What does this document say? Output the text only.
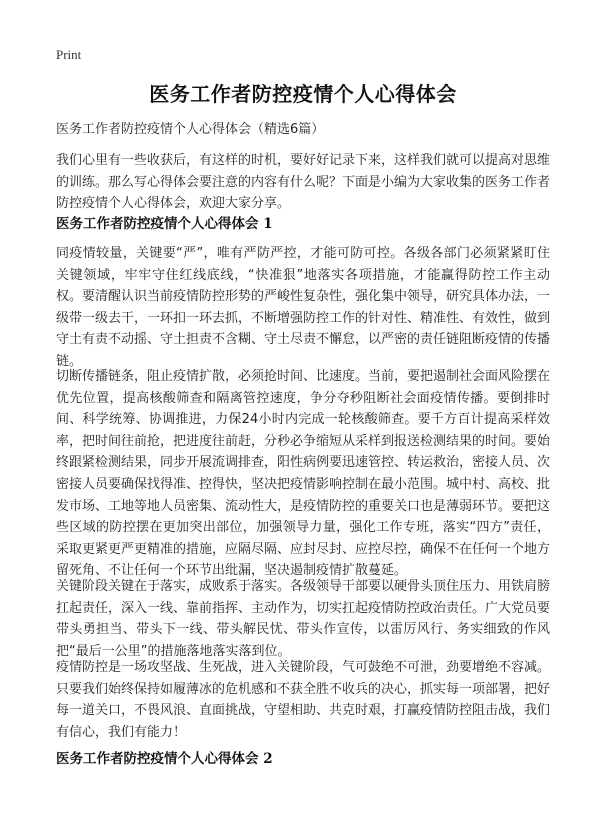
Print
医务工作者防控疫情个人心得体会
医务工作者防控疫情个人心得体会（精选6篇）
我们心里有一些收获后，有这样的时机，要好好记录下来，这样我们就可以提高对思维的训练。那么写心得体会要注意的内容有什么呢？下面是小编为大家收集的医务工作者防控疫情个人心得体会，欢迎大家分享。
医务工作者防控疫情个人心得体会 1
同疫情较量，关键要“严”，唯有严防严控，才能可防可控。各级各部门必须紧紧盯住关键领域，牢牢守住红线底线，“快准狠”地落实各项措施，才能赢得防控工作主动权。要清醒认识当前疫情防控形势的严峻性复杂性，强化集中领导，研究具体办法，一级带一级去干，一环扣一环去抓，不断增强防控工作的针对性、精准性、有效性，做到守土有责不动摇、守土担责不含糊、守土尽责不懈怠，以严密的责任链阻断疫情的传播链。
切断传播链条，阻止疫情扩散，必须抢时间、比速度。当前，要把遏制社会面风险摆在优先位置，提高核酸筛查和隔离管控速度，争分夺秒阻断社会面疫情传播。要倒排时间、科学统筹、协调推进，力保24小时内完成一轮核酸筛查。要千方百计提高采样效率，把时间往前抢，把进度往前赶，分秒必争缩短从采样到报送检测结果的时间。要始终跟紧检测结果，同步开展流调排查，阳性病例要迅速管控、转运救治，密接人员、次密接人员要确保找得准、控得快，坚决把疫情影响控制在最小范围。城中村、高校、批发市场、工地等地人员密集、流动性大，是疫情防控的重要关口也是薄弱环节。要把这些区域的防控摆在更加突出部位，加强领导力量，强化工作专班，落实“四方”责任，采取更紧更严更精准的措施，应隔尽隔、应封尽封、应控尽控，确保不在任何一个地方留死角、不让任何一个环节出纰漏，坚决遏制疫情扩散蔓延。
关键阶段关键在于落实，成败系于落实。各级领导干部要以硬骨头顶住压力、用铁肩膀扛起责任，深入一线、靠前指挥、主动作为，切实扛起疫情防控政治责任。广大党员要带头勇担当、带头下一线、带头解民忧、带头作宣传，以雷厉风行、务实细致的作风把“最后一公里”的措施落地落实落到位。
疫情防控是一场攻坚战、生死战，进入关键阶段，气可鼓绝不可泄，劲要增绝不容减。只要我们始终保持如履薄冰的危机感和不获全胜不收兵的决心，抓实每一项部署，把好每一道关口，不畏风浪、直面挑战，守望相助、共克时艰，打赢疫情防控阻击战，我们有信心，我们有能力！
医务工作者防控疫情个人心得体会 2
